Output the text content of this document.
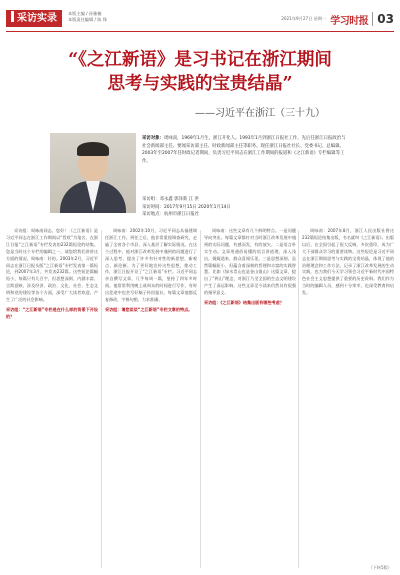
采访实录	本版主编 / 孙雅楠
本版责任编辑 / 陈 锋	2021年9月27日 星期一 学习时报 03
“《之江新语》是习书记在浙江期间
思考与实践的宝贵结晶”
——习近平在浙江（三十九）
采访对象：周咏南，1969年1月生，浙江开化人。1993年1月到浙江日报社工作，先后任浙江日报政治与社会新闻部主任、要闻采访部主任、时政新闻部主任等职务。现任浙江日报社社长、党委书记、总编辑。2003年至2007年任时政记者期间，负责习近平同志在浙江工作期间的报道和《之江新语》专栏编辑等工作。
采访组：邓永鑫 郭泽新 江 洪
采访时间：2017年9月15日 2020年1月14日
采访地点：杭州市浙江日报社

采访组：周咏南同志，您好！《之江新语》是习近平同志在浙江工作期间以“哲欣”为笔名，在浙江日报“之江新语”专栏发表的232篇短论的结集。您是当时这个专栏的编辑之一，请您给我们讲讲这方面的情况。周咏南：好的。2003年2月，习近平同志在浙江日报头版“之江新语”专栏发表第一篇短论，到2007年3月，共发表232篇。这些短论篇幅短小，每篇只有几百字，但思想深刻、内涵丰富、言简意赅，涉及经济、政治、文化、社会、生态文明和党的建设等各个方面，深受广大读者欢迎，产生了广泛的社会影响。

采访组：“之江新语”专栏是在什么样的背景下开设的？

周咏南：2002年10月，习近平同志从福建调任浙江工作。到任之后，他非常重视调查研究，走遍了全省各个市县，深入基层了解实际情况。在这个过程中，他对浙江改革发展中遇到的问题进行了深入思考，提出了许多有针对性的新思想、新观点、新论断。为了更好地宣传这些思想，推动工作，浙江日报开设了“之江新语”专栏。习近平同志亲自撰写文章，几乎每周一篇，坚持了四年多时间。他常常利用晚上或周末的时间进行写作，有时出差途中也会写好稿子传回报社。每篇文章他都反复修改，字斟句酌，力求准确。

采访组：请您谈谈“之江新语”专栏文章的特点。

周咏南：这些文章有几个鲜明特点。一是问题导向突出。每篇文章都针对当时浙江改革发展中遇到的实际问题，有感而发，有的放矢。二是语言朴实生动。文章用通俗易懂的语言讲道理，深入浅出，娓娓道来，群众喜闻乐见。三是思想深刻。虽然篇幅短小，但蕴含着深刻的哲理和丰富的实践智慧。比如《绿水青山也是金山银山》这篇文章，提出了“两山”理念，对浙江乃至全国的生态文明建设产生了深远影响。这些文章至今读来仍然具有很强的指导意义。

采访组：《之江新语》结集出版有哪些考虑？

周咏南：2007年8月，浙江人民出版社将这232篇短论结集出版，书名就叫《之江新语》。出版以后，在全国引起了很大反响，多次重印，成为广大干部群众学习的重要读物。这些短论是习近平同志在浙江期间思考与实践的宝贵结晶，体现了他的治理理念和工作方法，记录了浙江改革发展的生动实践，也为我们今天学习领会习近平新时代中国特色社会主义思想提供了重要的历史资料。我们作为当时的编辑人员，感到十分荣幸，也深受教育和启发。

（下转5版）
